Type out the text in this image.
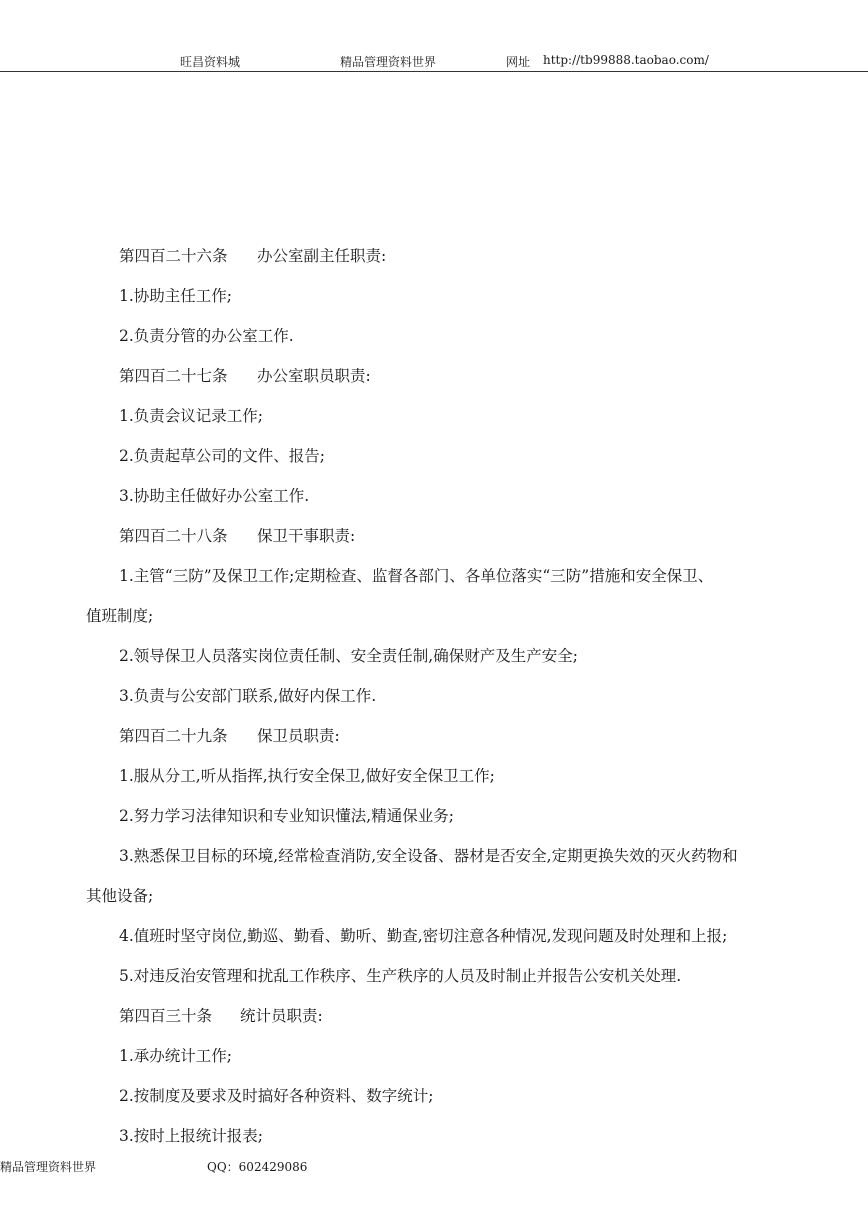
旺昌资料城	精品管理资料世界	网址 http://tb99888.taobao.com/
第四百二十六条 办公室副主任职责:
1.协助主任工作;
2.负责分管的办公室工作.
第四百二十七条 办公室职员职责:
1.负责会议记录工作;
2.负责起草公司的文件、报告;
3.协助主任做好办公室工作.
第四百二十八条 保卫干事职责:
1.主管“三防”及保卫工作;定期检查、监督各部门、各单位落实“三防”措施和安全保卫、
值班制度;
2.领导保卫人员落实岗位责任制、安全责任制,确保财产及生产安全;
3.负责与公安部门联系,做好内保工作.
第四百二十九条 保卫员职责:
1.服从分工,听从指挥,执行安全保卫,做好安全保卫工作;
2.努力学习法律知识和专业知识懂法,精通保业务;
3.熟悉保卫目标的环境,经常检查消防,安全设备、器材是否安全,定期更换失效的灭火药物和
其他设备;
4.值班时坚守岗位,勤巡、勤看、勤听、勤查,密切注意各种情况,发现问题及时处理和上报;
5.对违反治安管理和扰乱工作秩序、生产秩序的人员及时制止并报告公安机关处理.
第四百三十条 统计员职责:
1.承办统计工作;
2.按制度及要求及时搞好各种资料、数字统计;
3.按时上报统计报表;
精品管理资料世界	QQ：602429086
